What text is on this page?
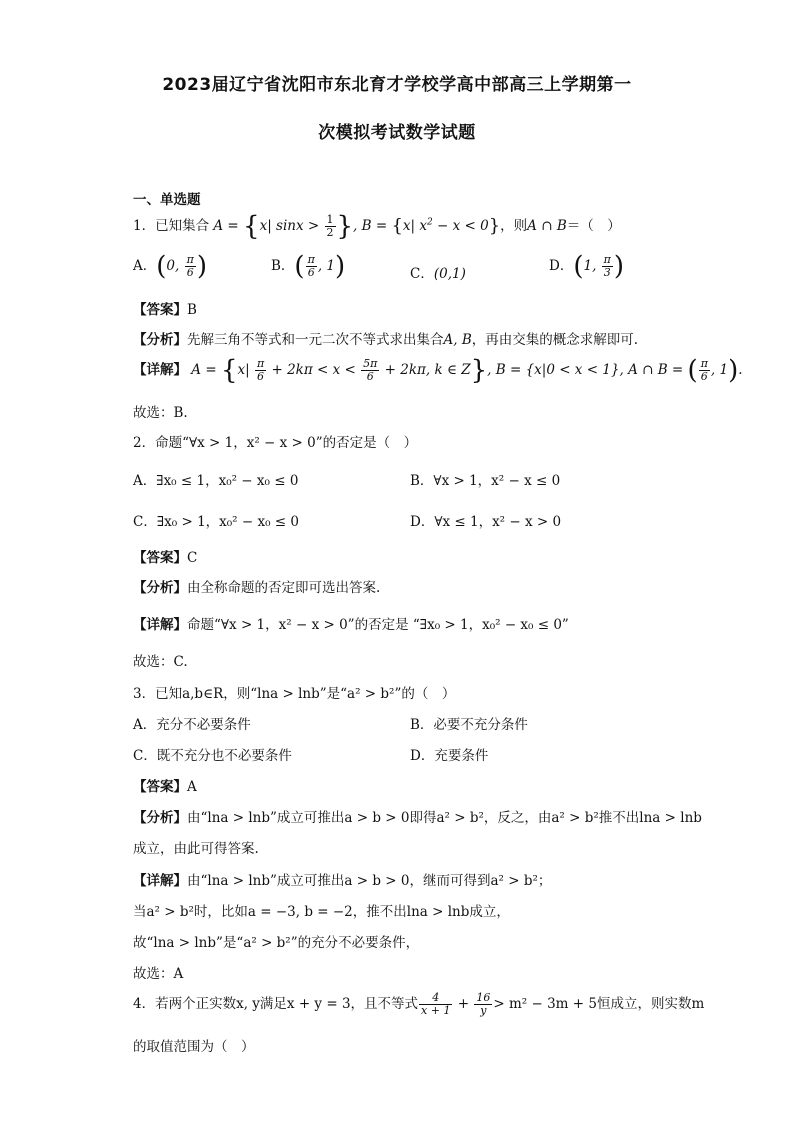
2023届辽宁省沈阳市东北育才学校学高中部高三上学期第一
次模拟考试数学试题
一、单选题
1．已知集合 A = {x| $\sin x > \frac{1}{2}$ }, B = {x| $x^2 - x < 0$}，则A ∩ B＝（　）
A．(0, $\frac{\pi}{6}$ )	B．( $\frac{\pi}{6}$ , 1)	C．(0,1)	D．(1, $\frac{\pi}{3}$ )
【答案】B
【分析】先解三角不等式和一元二次不等式求出集合A, B，再由交集的概念求解即可.
【详解】 $A = \{x| \frac{\pi}{6} + 2k\pi < x < \frac{5\pi}{6} + 2k\pi$, k ∈ Z}, B = {x|0 < x < 1}, A ∩ B = ( $\frac{\pi}{6}$ , 1).
故选：B.
2．命题“∀x > 1，x² − x > 0”的否定是（　）
A．∃x₀ ≤ 1，x₀² − x₀ ≤ 0	B．∀x > 1，x² − x ≤ 0
C．∃x₀ > 1，x₀² − x₀ ≤ 0	D．∀x ≤ 1，x² − x > 0
【答案】C
【分析】由全称命题的否定即可选出答案.
【详解】命题“∀x > 1，x² − x > 0”的否定是 “∃x₀ > 1，x₀² − x₀ ≤ 0”
故选：C.
3．已知a,b∈R，则“lna > lnb”是“a² > b²”的（　）
A．充分不必要条件	B．必要不充分条件
C．既不充分也不必要条件	D．充要条件
【答案】A
【分析】由“lna > lnb”成立可推出a > b > 0即得a² > b²，反之，由a² > b²推不出lna > lnb
成立，由此可得答案.
【详解】由“lna > lnb”成立可推出a > b > 0，继而可得到a² > b²；
当a² > b²时，比如a = −3, b = −2，推不出lna > lnb成立，
故“lna > lnb”是“a² > b²”的充分不必要条件，
故选：A
4．若两个正实数x, y满足x + y = 3，且不等式 $\frac{4}{x + 1} + \frac{16}{y} > m^2 - 3m + 5$恒成立，则实数m
的取值范围为（　）
